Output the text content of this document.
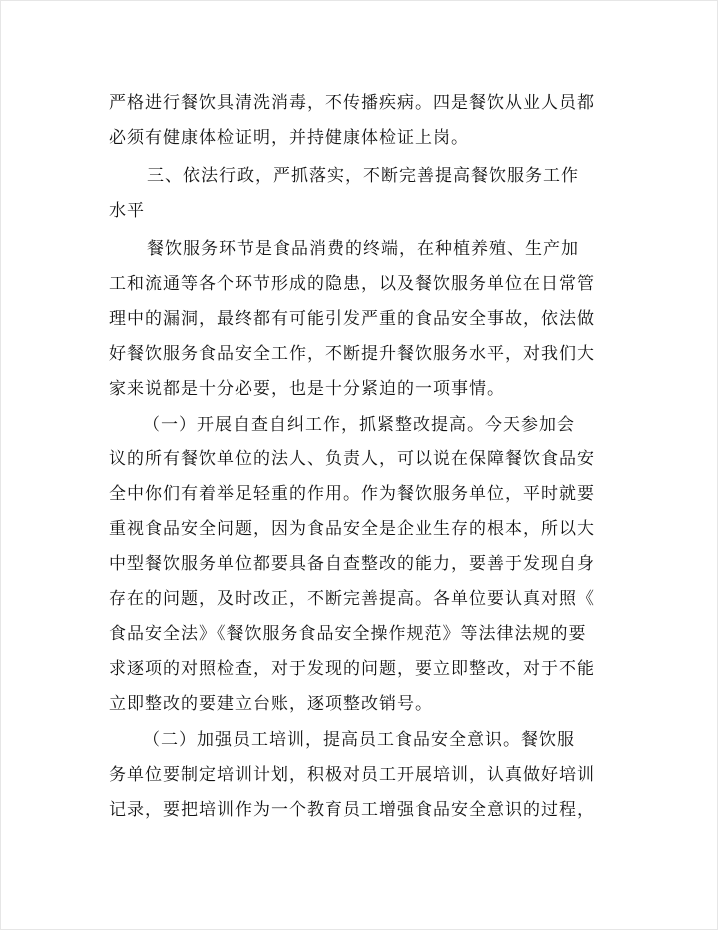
严格进行餐饮具清洗消毒，不传播疾病。四是餐饮从业人员都
必须有健康体检证明，并持健康体检证上岗。
三、依法行政，严抓落实，不断完善提高餐饮服务工作
水平
餐饮服务环节是食品消费的终端，在种植养殖、生产加
工和流通等各个环节形成的隐患，以及餐饮服务单位在日常管
理中的漏洞，最终都有可能引发严重的食品安全事故，依法做
好餐饮服务食品安全工作，不断提升餐饮服务水平，对我们大
家来说都是十分必要，也是十分紧迫的一项事情。
（一）开展自查自纠工作，抓紧整改提高。今天参加会
议的所有餐饮单位的法人、负责人，可以说在保障餐饮食品安
全中你们有着举足轻重的作用。作为餐饮服务单位，平时就要
重视食品安全问题，因为食品安全是企业生存的根本，所以大
中型餐饮服务单位都要具备自查整改的能力，要善于发现自身
存在的问题，及时改正，不断完善提高。各单位要认真对照《
食品安全法》《餐饮服务食品安全操作规范》等法律法规的要
求逐项的对照检查，对于发现的问题，要立即整改，对于不能
立即整改的要建立台账，逐项整改销号。
（二）加强员工培训，提高员工食品安全意识。餐饮服
务单位要制定培训计划，积极对员工开展培训，认真做好培训
记录，要把培训作为一个教育员工增强食品安全意识的过程，
